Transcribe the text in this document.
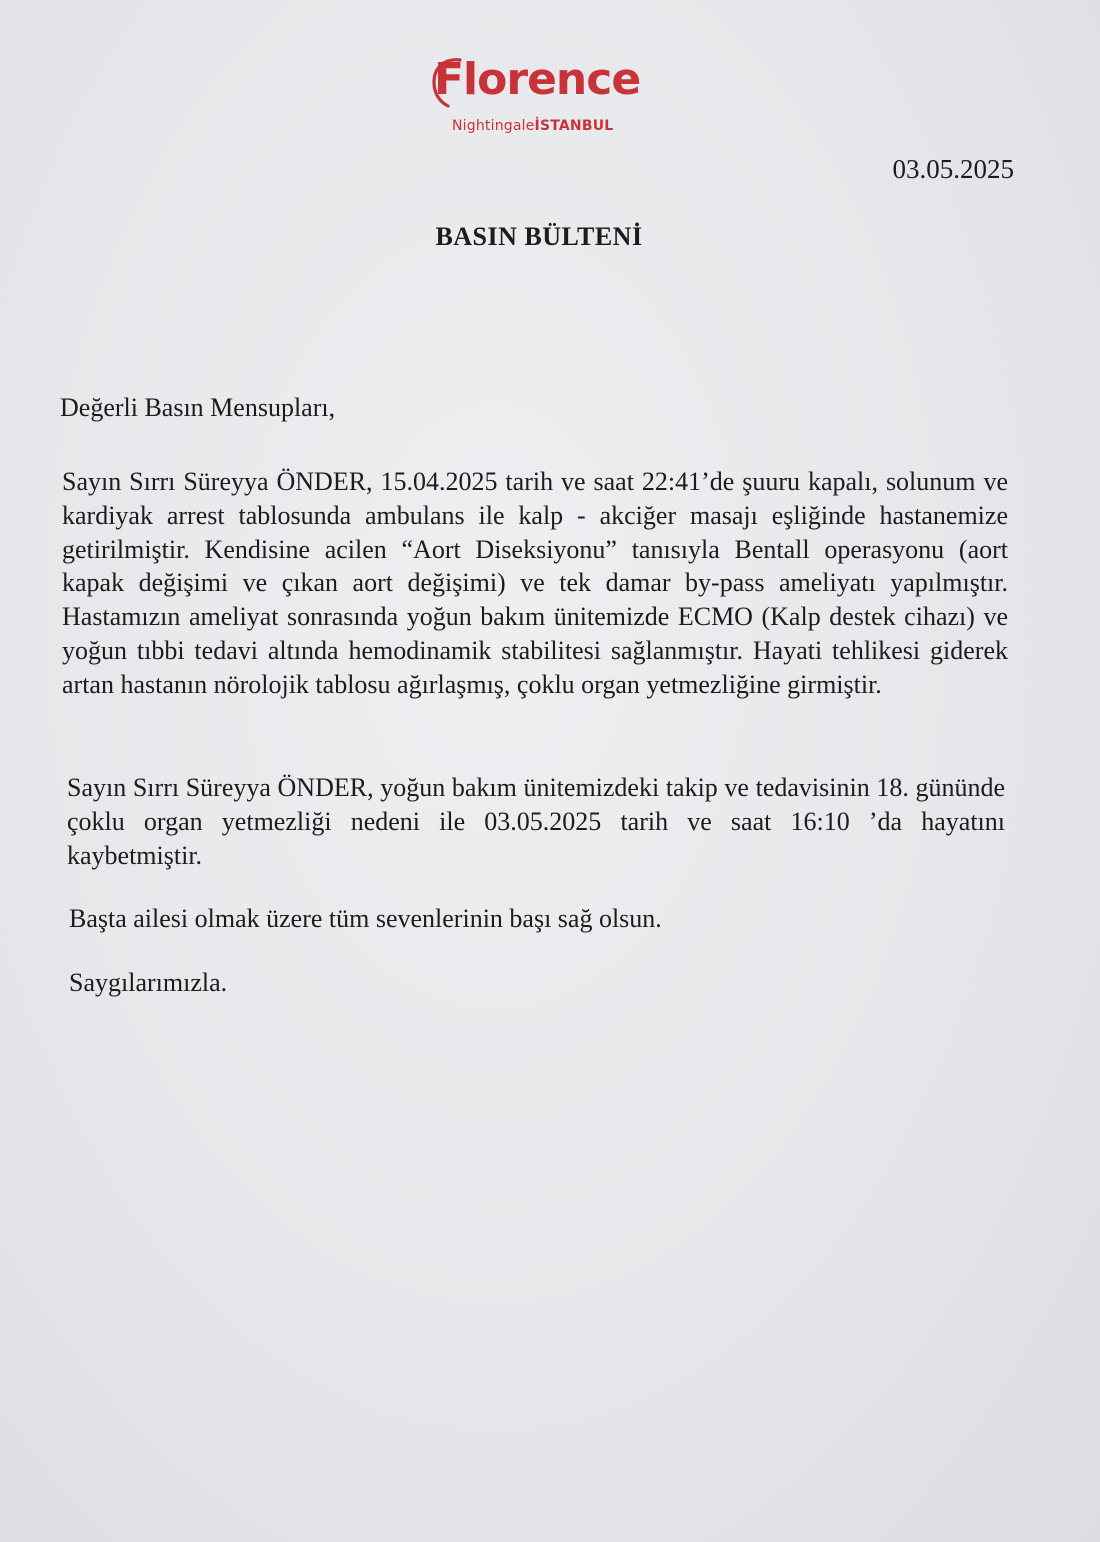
Florence
NightingaleİSTANBUL
03.05.2025
BASIN BÜLTENİ
Değerli Basın Mensupları,

Sayın Sırrı Süreyya ÖNDER, 15.04.2025 tarih ve saat 22:41’de şuuru kapalı, solunum ve kardiyak arrest tablosunda ambulans ile kalp - akciğer masajı eşliğinde hastanemize getirilmiştir. Kendisine acilen “Aort Diseksiyonu” tanısıyla Bentall operasyonu (aort kapak değişimi ve çıkan aort değişimi) ve tek damar by-pass ameliyatı yapılmıştır. Hastamızın ameliyat sonrasında yoğun bakım ünitemizde ECMO (Kalp destek cihazı) ve yoğun tıbbi tedavi altında hemodinamik stabilitesi sağlanmıştır. Hayati tehlikesi giderek artan hastanın nörolojik tablosu ağırlaşmış, çoklu organ yetmezliğine girmiştir.

Sayın Sırrı Süreyya ÖNDER, yoğun bakım ünitemizdeki takip ve tedavisinin 18. gününde çoklu organ yetmezliği nedeni ile 03.05.2025 tarih ve saat 16:10 ’da hayatını kaybetmiştir.

Başta ailesi olmak üzere tüm sevenlerinin başı sağ olsun.

Saygılarımızla.
